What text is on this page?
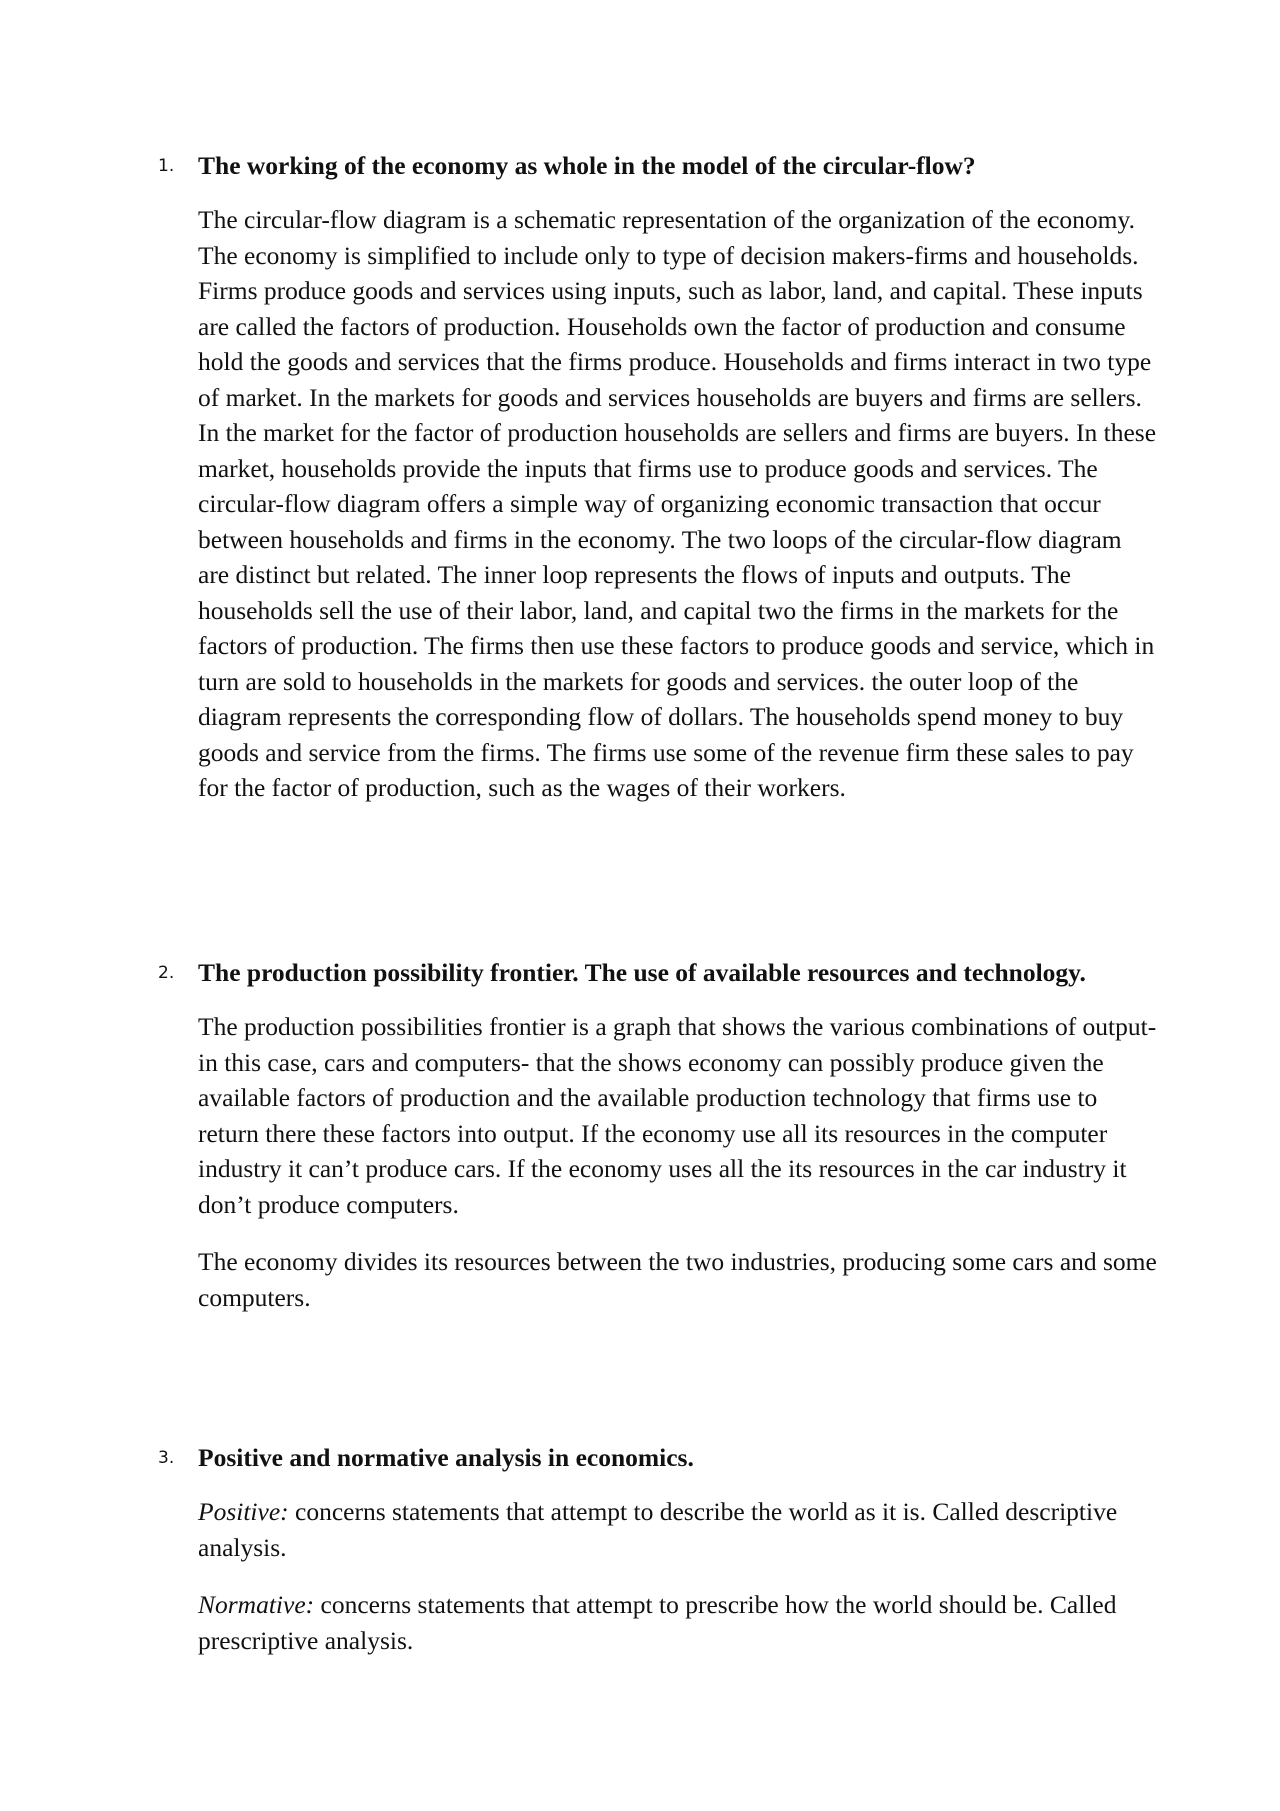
1. The working of the economy as whole in the model of the circular-flow?

The circular-flow diagram is a schematic representation of the organization of the economy. The economy is simplified to include only to type of decision makers-firms and households. Firms produce goods and services using inputs, such as labor, land, and capital. These inputs are called the factors of production. Households own the factor of production and consume hold the goods and services that the firms produce. Households and firms interact in two type of market. In the markets for goods and services households are buyers and firms are sellers. In the market for the factor of production households are sellers and firms are buyers. In these market, households provide the inputs that firms use to produce goods and services. The circular-flow diagram offers a simple way of organizing economic transaction that occur between households and firms in the economy. The two loops of the circular-flow diagram are distinct but related. The inner loop represents the flows of inputs and outputs. The households sell the use of their labor, land, and capital two the firms in the markets for the factors of production. The firms then use these factors to produce goods and service, which in turn are sold to households in the markets for goods and services. the outer loop of the diagram represents the corresponding flow of dollars. The households spend money to buy goods and service from the firms. The firms use some of the revenue firm these sales to pay for the factor of production, such as the wages of their workers.

2. The production possibility frontier. The use of available resources and technology.

The production possibilities frontier is a graph that shows the various combinations of output- in this case, cars and computers- that the shows economy can possibly produce given the available factors of production and the available production technology that firms use to return there these factors into output. If the economy use all its resources in the computer industry it can’t produce cars. If the economy uses all the its resources in the car industry it don’t produce computers.

The economy divides its resources between the two industries, producing some cars and some computers.

3. Positive and normative analysis in economics.

Positive: concerns statements that attempt to describe the world as it is. Called descriptive analysis.

Normative: concerns statements that attempt to prescribe how the world should be. Called prescriptive analysis.
